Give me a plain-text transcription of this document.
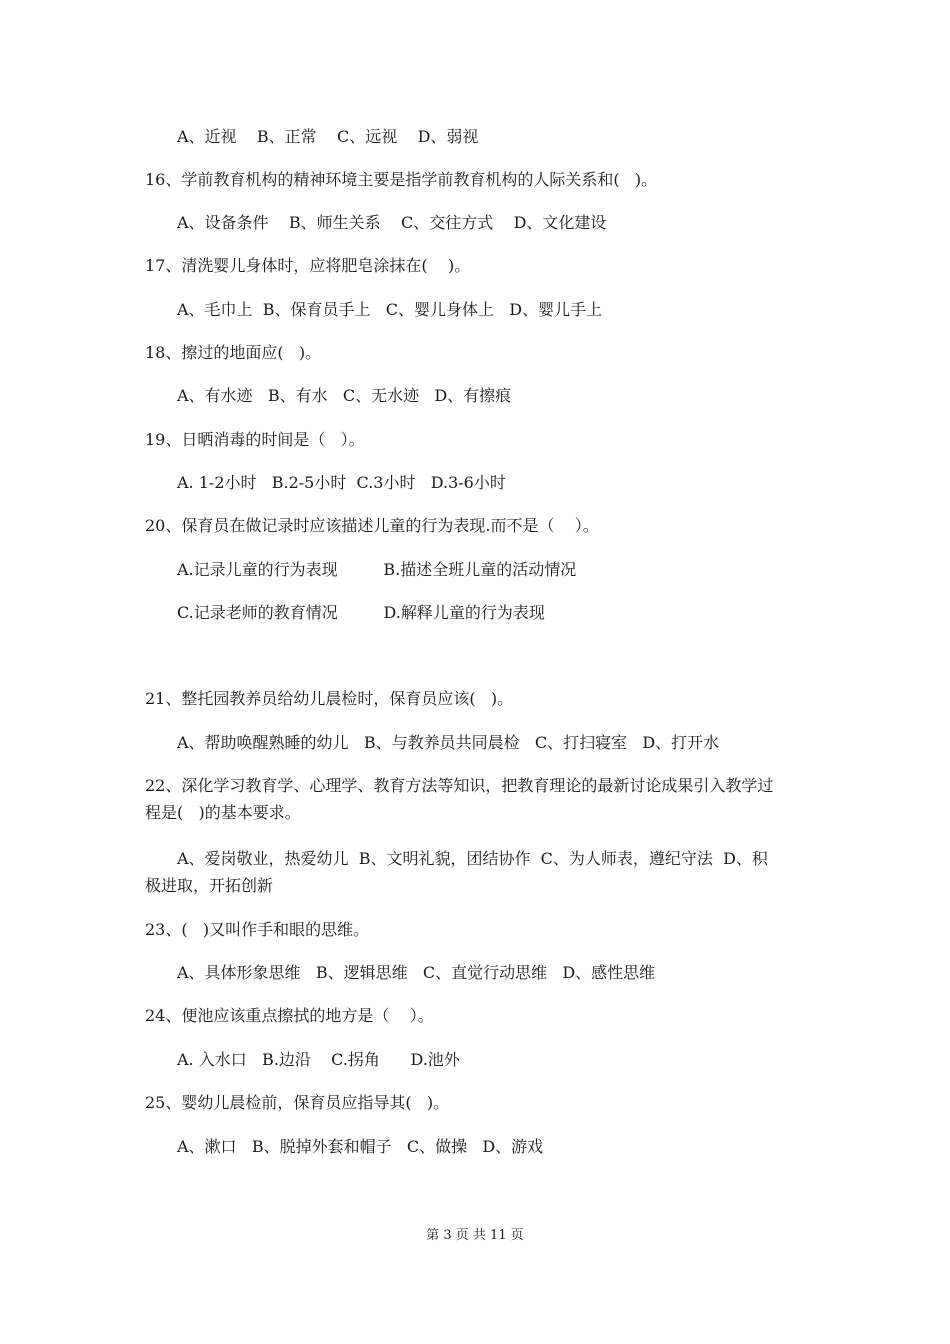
A、近视    B、正常    C、远视    D、弱视
16、学前教育机构的精神环境主要是指学前教育机构的人际关系和(   )。
A、设备条件    B、师生关系    C、交往方式    D、文化建设
17、清洗婴儿身体时，应将肥皂涂抹在(    )。
A、毛巾上  B、保育员手上   C、婴儿身体上   D、婴儿手上
18、擦过的地面应(   )。
A、有水迹   B、有水   C、无水迹   D、有擦痕
19、日晒消毒的时间是（   ）。
A. 1-2小时   B.2-5小时  C.3小时   D.3-6小时
20、保育员在做记录时应该描述儿童的行为表现.而不是（    ）。
A.记录儿童的行为表现         B.描述全班儿童的活动情况
C.记录老师的教育情况         D.解释儿童的行为表现
21、整托园教养员给幼儿晨检时，保育员应该(   )。
A、帮助唤醒熟睡的幼儿   B、与教养员共同晨检   C、打扫寝室   D、打开水
22、深化学习教育学、心理学、教育方法等知识，把教育理论的最新讨论成果引入教学过
程是(   )的基本要求。
A、爱岗敬业，热爱幼儿  B、文明礼貌，团结协作  C、为人师表，遵纪守法  D、积
极进取，开拓创新
23、(   )又叫作手和眼的思维。
A、具体形象思维   B、逻辑思维   C、直觉行动思维   D、感性思维
24、便池应该重点擦拭的地方是（    ）。
A. 入水口   B.边沿    C.拐角      D.池外
25、婴幼儿晨检前，保育员应指导其(   )。
A、漱口   B、脱掉外套和帽子   C、做操   D、游戏
第 3 页 共 11 页
